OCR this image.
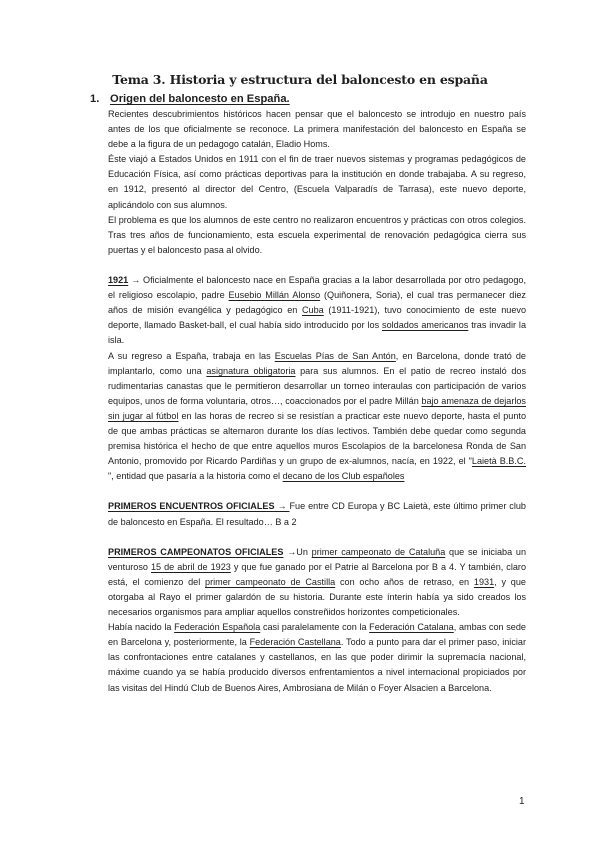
Tema 3. Historia y estructura del baloncesto en españa
1. Origen del baloncesto en España.

Recientes descubrimientos históricos hacen pensar que el baloncesto se introdujo en nuestro país antes de los que oficialmente se reconoce. La primera manifestación del baloncesto en España se debe a la figura de un pedagogo catalán, Eladio Homs.

Éste viajó a Estados Unidos en 1911 con el fin de traer nuevos sistemas y programas pedagógicos de Educación Física, así como prácticas deportivas para la institución en donde trabajaba. A su regreso, en 1912, presentó al director del Centro, (Escuela Valparadís de Tarrasa), este nuevo deporte, aplicándolo con sus alumnos.

El problema es que los alumnos de este centro no realizaron encuentros y prácticas con otros colegios. Tras tres años de funcionamiento, esta escuela experimental de renovación pedagógica cierra sus puertas y el baloncesto pasa al olvido.

1921 → Oficialmente el baloncesto nace en España gracias a la labor desarrollada por otro pedagogo, el religioso escolapio, padre Eusebio Millán Alonso (Quiñonera, Soria), el cual tras permanecer diez años de misión evangélica y pedagógico en Cuba (1911-1921), tuvo conocimiento de este nuevo deporte, llamado Basket-ball, el cual había sido introducido por los soldados americanos tras invadir la isla.

A su regreso a España, trabaja en las Escuelas Pías de San Antón, en Barcelona, donde trató de implantarlo, como una asignatura obligatoria para sus alumnos. En el patio de recreo instaló dos rudimentarias canastas que le permitieron desarrollar un torneo interaulas con participación de varios equipos, unos de forma voluntaria, otros…, coaccionados por el padre Millán bajo amenaza de dejarlos sin jugar al fútbol en las horas de recreo si se resistían a practicar este nuevo deporte, hasta el punto de que ambas prácticas se alternaron durante los días lectivos. También debe quedar como segunda premisa histórica el hecho de que entre aquellos muros Escolapios de la barcelonesa Ronda de San Antonio, promovido por Ricardo Pardiñas y un grupo de ex-alumnos, nacía, en 1922, el "Laietà B.B.C. ", entidad que pasaría a la historia como el decano de los Club españoles

PRIMEROS ENCUENTROS OFICIALES → Fue entre CD Europa y BC Laietà, este último primer club de baloncesto en España. El resultado… B a 2

PRIMEROS CAMPEONATOS OFICIALES →Un primer campeonato de Cataluña que se iniciaba un venturoso 15 de abril de 1923 y que fue ganado por el Patrie al Barcelona por B a 4. Y también, claro está, el comienzo del primer campeonato de Castilla con ocho años de retraso, en 1931, y que otorgaba al Rayo el primer galardón de su historia. Durante este ínterin había ya sido creados los necesarios organismos para ampliar aquellos constreñidos horizontes competicionales.

Había nacido la Federación Española casi paralelamente con la Federación Catalana, ambas con sede en Barcelona y, posteriormente, la Federación Castellana. Todo a punto para dar el primer paso, iniciar las confrontaciones entre catalanes y castellanos, en las que poder dirimir la supremacía nacional, máxime cuando ya se había producido diversos enfrentamientos a nivel internacional propiciados por las visitas del Hindú Club de Buenos Aires, Ambrosiana de Milán o Foyer Alsacien a Barcelona.

1
